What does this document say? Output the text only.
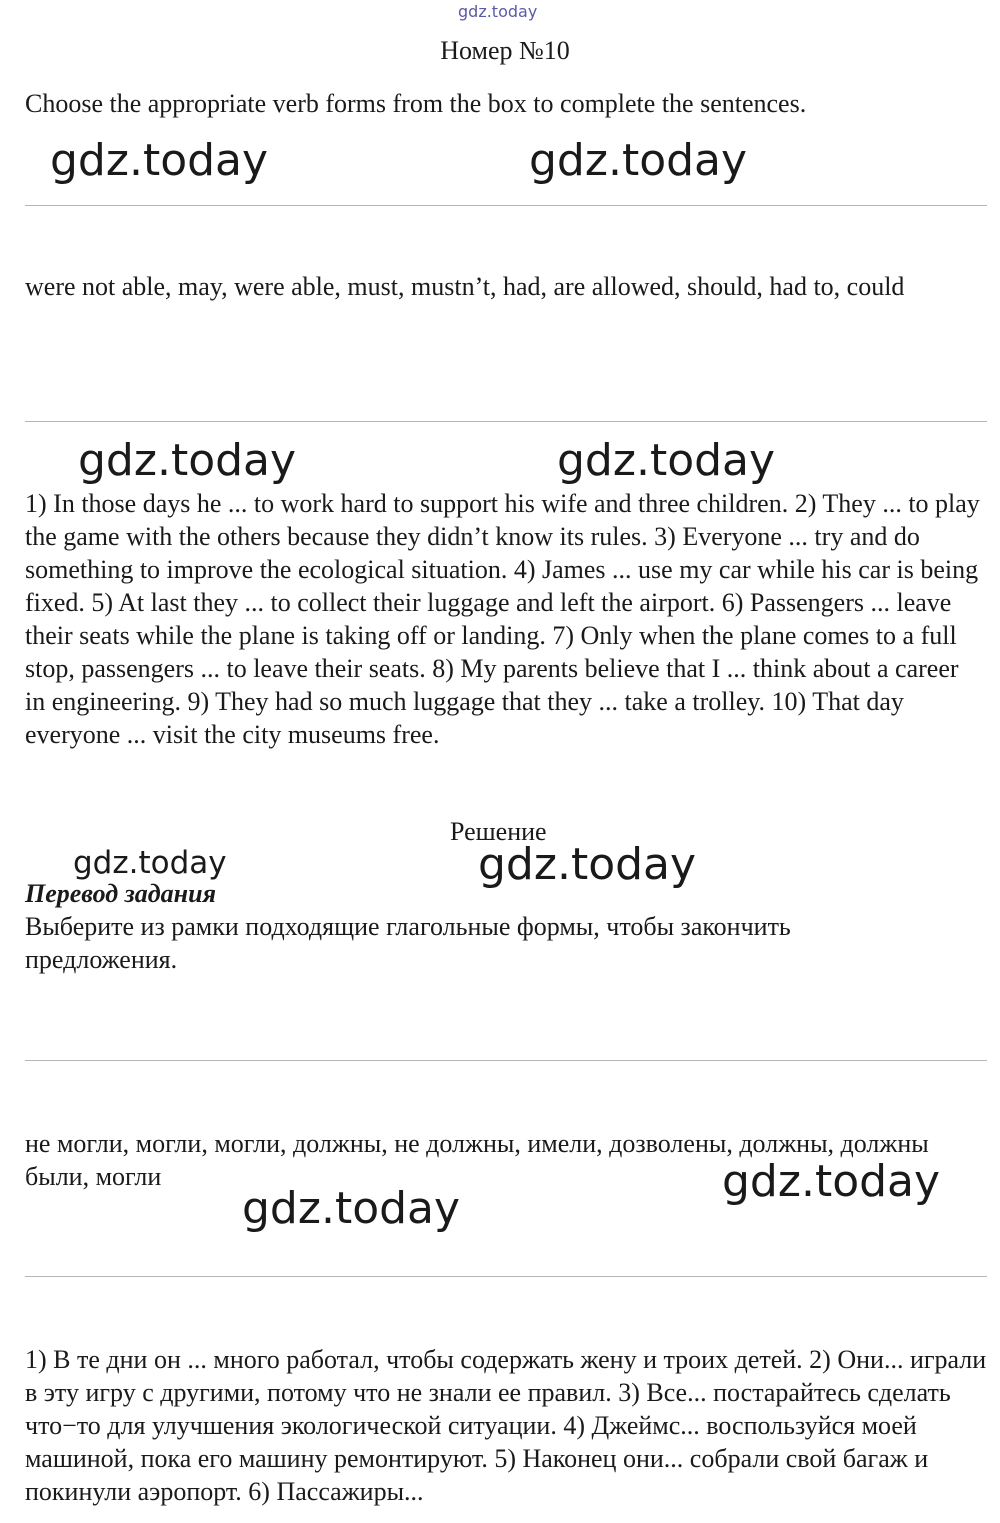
gdz.today
Номер №10

Choose the appropriate verb forms from the box to complete the sentences.

gdz.today	gdz.today

were not able, may, were able, must, mustn’t, had, are allowed, should, had to, could

gdz.today	gdz.today

1) In those days he ... to work hard to support his wife and three children. 2) They ... to play the game with the others because they didn’t know its rules. 3) Everyone ... try and do something to improve the ecological situation. 4) James ... use my car while his car is being fixed. 5) At last they ... to collect their luggage and left the airport. 6) Passengers ... leave their seats while the plane is taking off or landing. 7) Only when the plane comes to a full stop, passengers ... to leave their seats. 8) My parents believe that I ... think about a career in engineering. 9) They had so much luggage that they ... take a trolley. 10) That day everyone ... visit the city museums free.

Решение
gdz.today	gdz.today
Перевод задания

Выберите из рамки подходящие глагольные формы, чтобы закончить предложения.

не могли, могли, могли, должны, не должны, имели, дозволены, должны, должны были, могли	gdz.today
gdz.today

1) В те дни он ... много работал, чтобы содержать жену и троих детей. 2) Они... играли в эту игру с другими, потому что не знали ее правил. 3) Все... постарайтесь сделать что−то для улучшения экологической ситуации. 4) Джеймс... воспользуйся моей машиной, пока его машину ремонтируют. 5) Наконец они... собрали свой багаж и покинули аэропорт. 6) Пассажиры...
